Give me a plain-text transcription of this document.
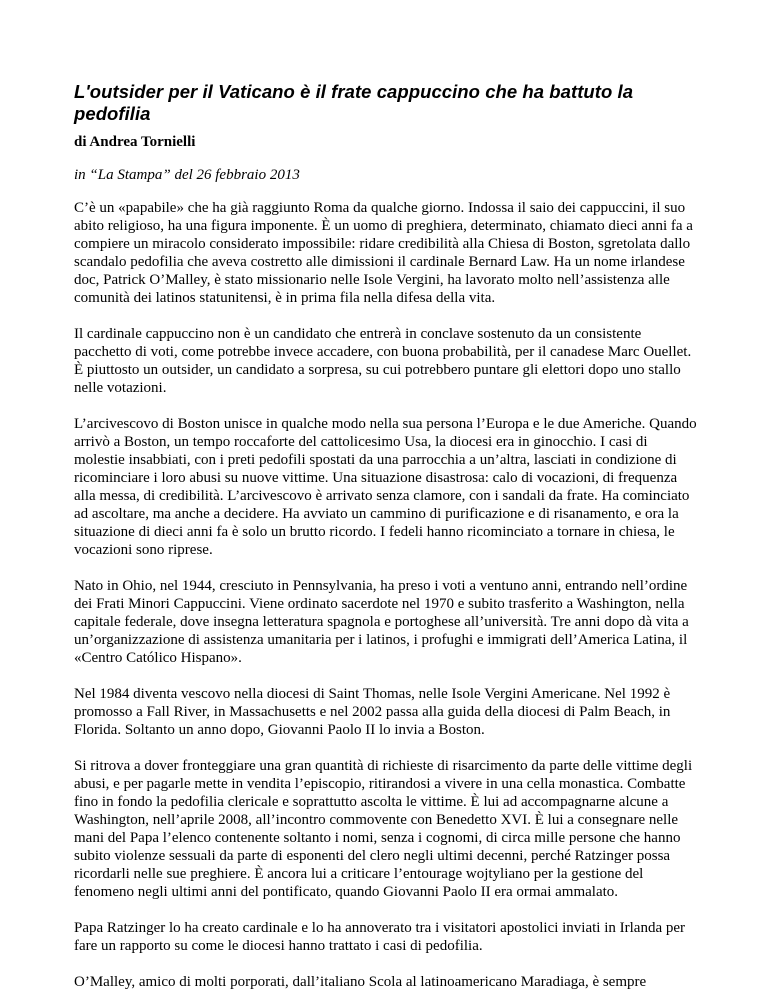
L'outsider per il Vaticano è il frate cappuccino che ha battuto la pedofilia

di Andrea Tornielli

in “La Stampa” del 26 febbraio 2013

C’è un «papabile» che ha già raggiunto Roma da qualche giorno. Indossa il saio dei cappuccini, il suo abito religioso, ha una figura imponente. È un uomo di preghiera, determinato, chiamato dieci anni fa a compiere un miracolo considerato impossibile: ridare credibilità alla Chiesa di Boston, sgretolata dallo scandalo pedofilia che aveva costretto alle dimissioni il cardinale Bernard Law. Ha un nome irlandese doc, Patrick O’Malley, è stato missionario nelle Isole Vergini, ha lavorato molto nell’assistenza alle comunità dei latinos statunitensi, è in prima fila nella difesa della vita.

Il cardinale cappuccino non è un candidato che entrerà in conclave sostenuto da un consistente pacchetto di voti, come potrebbe invece accadere, con buona probabilità, per il canadese Marc Ouellet. È piuttosto un outsider, un candidato a sorpresa, su cui potrebbero puntare gli elettori dopo uno stallo nelle votazioni.

L’arcivescovo di Boston unisce in qualche modo nella sua persona l’Europa e le due Americhe. Quando arrivò a Boston, un tempo roccaforte del cattolicesimo Usa, la diocesi era in ginocchio. I casi di molestie insabbiati, con i preti pedofili spostati da una parrocchia a un’altra, lasciati in condizione di ricominciare i loro abusi su nuove vittime. Una situazione disastrosa: calo di vocazioni, di frequenza alla messa, di credibilità. L’arcivescovo è arrivato senza clamore, con i sandali da frate. Ha cominciato ad ascoltare, ma anche a decidere. Ha avviato un cammino di purificazione e di risanamento, e ora la situazione di dieci anni fa è solo un brutto ricordo. I fedeli hanno ricominciato a tornare in chiesa, le vocazioni sono riprese.

Nato in Ohio, nel 1944, cresciuto in Pennsylvania, ha preso i voti a ventuno anni, entrando nell’ordine dei Frati Minori Cappuccini. Viene ordinato sacerdote nel 1970 e subito trasferito a Washington, nella capitale federale, dove insegna letteratura spagnola e portoghese all’università. Tre anni dopo dà vita a un’organizzazione di assistenza umanitaria per i latinos, i profughi e immigrati dell’America Latina, il «Centro Católico Hispano».

Nel 1984 diventa vescovo nella diocesi di Saint Thomas, nelle Isole Vergini Americane. Nel 1992 è promosso a Fall River, in Massachusetts e nel 2002 passa alla guida della diocesi di Palm Beach, in Florida. Soltanto un anno dopo, Giovanni Paolo II lo invia a Boston.

Si ritrova a dover fronteggiare una gran quantità di richieste di risarcimento da parte delle vittime degli abusi, e per pagarle mette in vendita l’episcopio, ritirandosi a vivere in una cella monastica. Combatte fino in fondo la pedofilia clericale e soprattutto ascolta le vittime. È lui ad accompagnarne alcune a Washington, nell’aprile 2008, all’incontro commovente con Benedetto XVI. È lui a consegnare nelle mani del Papa l’elenco contenente soltanto i nomi, senza i cognomi, di circa mille persone che hanno subito violenze sessuali da parte di esponenti del clero negli ultimi decenni, perché Ratzinger possa ricordarli nelle sue preghiere. È ancora lui a criticare l’entourage wojtyliano per la gestione del fenomeno negli ultimi anni del pontificato, quando Giovanni Paolo II era ormai ammalato.

Papa Ratzinger lo ha creato cardinale e lo ha annoverato tra i visitatori apostolici inviati in Irlanda per fare un rapporto su come le diocesi hanno trattato i casi di pedofilia.

O’Malley, amico di molti porporati, dall’italiano Scola al latinoamericano Maradiaga, è sempre
